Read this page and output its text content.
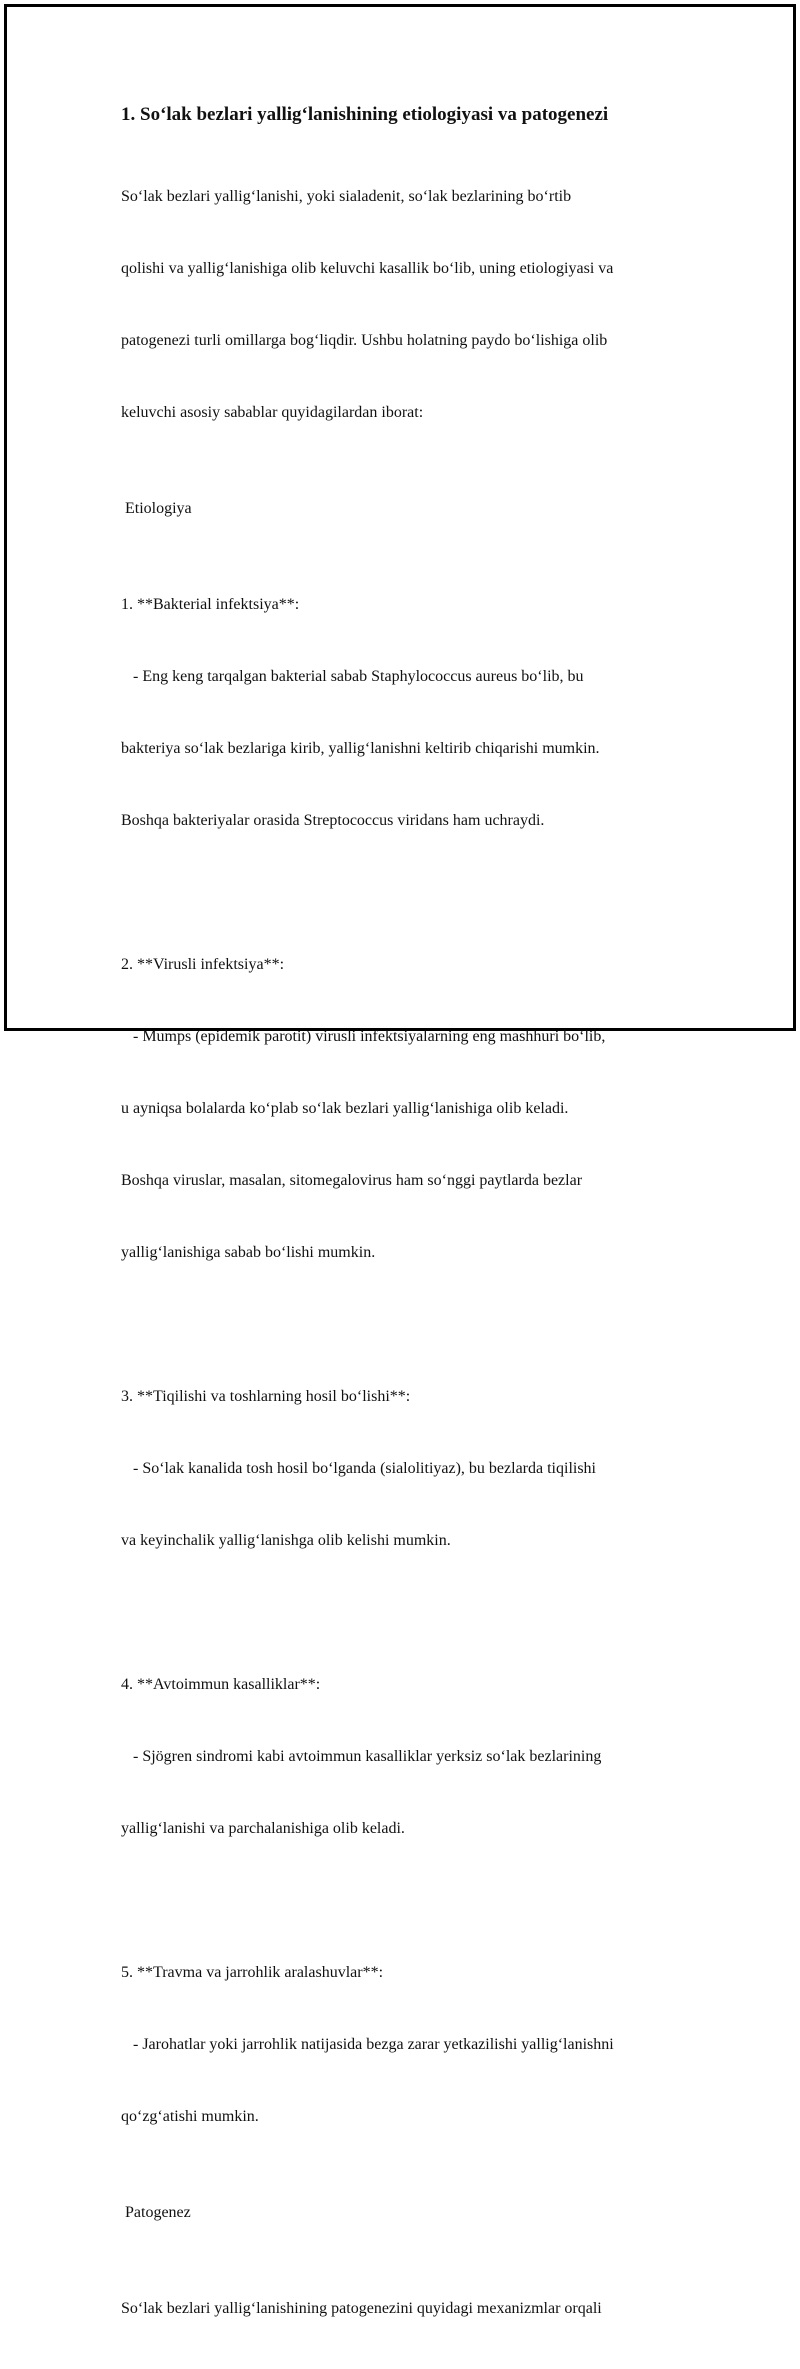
1. So‘lak bezlari yallig‘lanishining etiologiyasi va patogenezi

So‘lak bezlari yallig‘lanishi, yoki sialadenit, so‘lak bezlarining bo‘rtib

qolishi va yallig‘lanishiga olib keluvchi kasallik bo‘lib, uning etiologiyasi va

patogenezi turli omillarga bog‘liqdir. Ushbu holatning paydo bo‘lishiga olib

keluvchi asosiy sabablar quyidagilardan iborat:

Etiologiya

1. **Bakterial infektsiya**:

- Eng keng tarqalgan bakterial sabab Staphylococcus aureus bo‘lib, bu

bakteriya so‘lak bezlariga kirib, yallig‘lanishni keltirib chiqarishi mumkin.

Boshqa bakteriyalar orasida Streptococcus viridans ham uchraydi.

2. **Virusli infektsiya**:

- Mumps (epidemik parotit) virusli infektsiyalarning eng mashhuri bo‘lib,

u ayniqsa bolalarda ko‘plab so‘lak bezlari yallig‘lanishiga olib keladi.

Boshqa viruslar, masalan, sitomegalovirus ham so‘nggi paytlarda bezlar

yallig‘lanishiga sabab bo‘lishi mumkin.

3. **Tiqilishi va toshlarning hosil bo‘lishi**:

- So‘lak kanalida tosh hosil bo‘lganda (sialolitiyaz), bu bezlarda tiqilishi

va keyinchalik yallig‘lanishga olib kelishi mumkin.

4. **Avtoimmun kasalliklar**:

- Sjögren sindromi kabi avtoimmun kasalliklar yerksiz so‘lak bezlarining

yallig‘lanishi va parchalanishiga olib keladi.

5. **Travma va jarrohlik aralashuvlar**:

- Jarohatlar yoki jarrohlik natijasida bezga zarar yetkazilishi yallig‘lanishni

qo‘zg‘atishi mumkin.

Patogenez

So‘lak bezlari yallig‘lanishining patogenezini quyidagi mexanizmlar orqali
